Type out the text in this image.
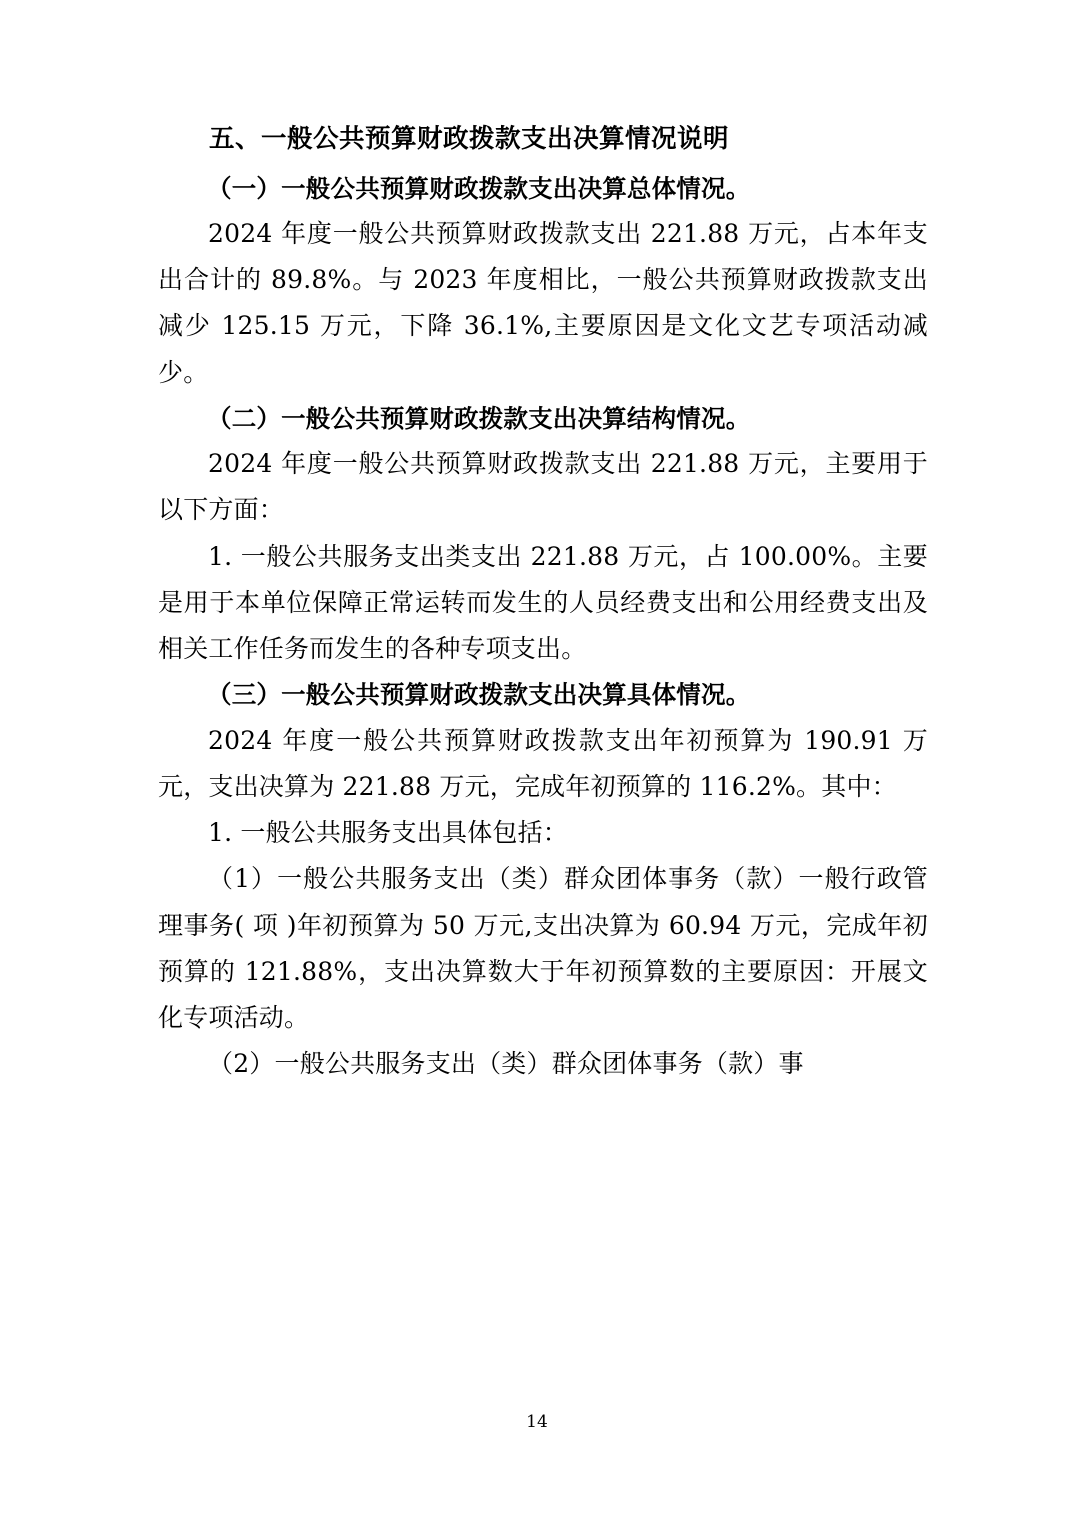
五、一般公共预算财政拨款支出决算情况说明

（一）一般公共预算财政拨款支出决算总体情况。

2024 年度一般公共预算财政拨款支出 221.88 万元，占本年支出合计的 89.8%。与 2023 年度相比，一般公共预算财政拨款支出减少 125.15 万元，下降 36.1%,主要原因是文化文艺专项活动减少。

（二）一般公共预算财政拨款支出决算结构情况。

2024 年度一般公共预算财政拨款支出 221.88 万元，主要用于以下方面：

1. 一般公共服务支出类支出 221.88 万元，占 100.00%。主要是用于本单位保障正常运转而发生的人员经费支出和公用经费支出及相关工作任务而发生的各种专项支出。

（三）一般公共预算财政拨款支出决算具体情况。

2024 年度一般公共预算财政拨款支出年初预算为 190.91 万元，支出决算为 221.88 万元，完成年初预算的 116.2%。其中：

1. 一般公共服务支出具体包括：

（1）一般公共服务支出（类）群众团体事务（款）一般行政管理事务( 项 )年初预算为 50 万元,支出决算为 60.94 万元，完成年初预算的 121.88%，支出决算数大于年初预算数的主要原因：开展文化专项活动。

（2）一般公共服务支出（类）群众团体事务（款）事

14
